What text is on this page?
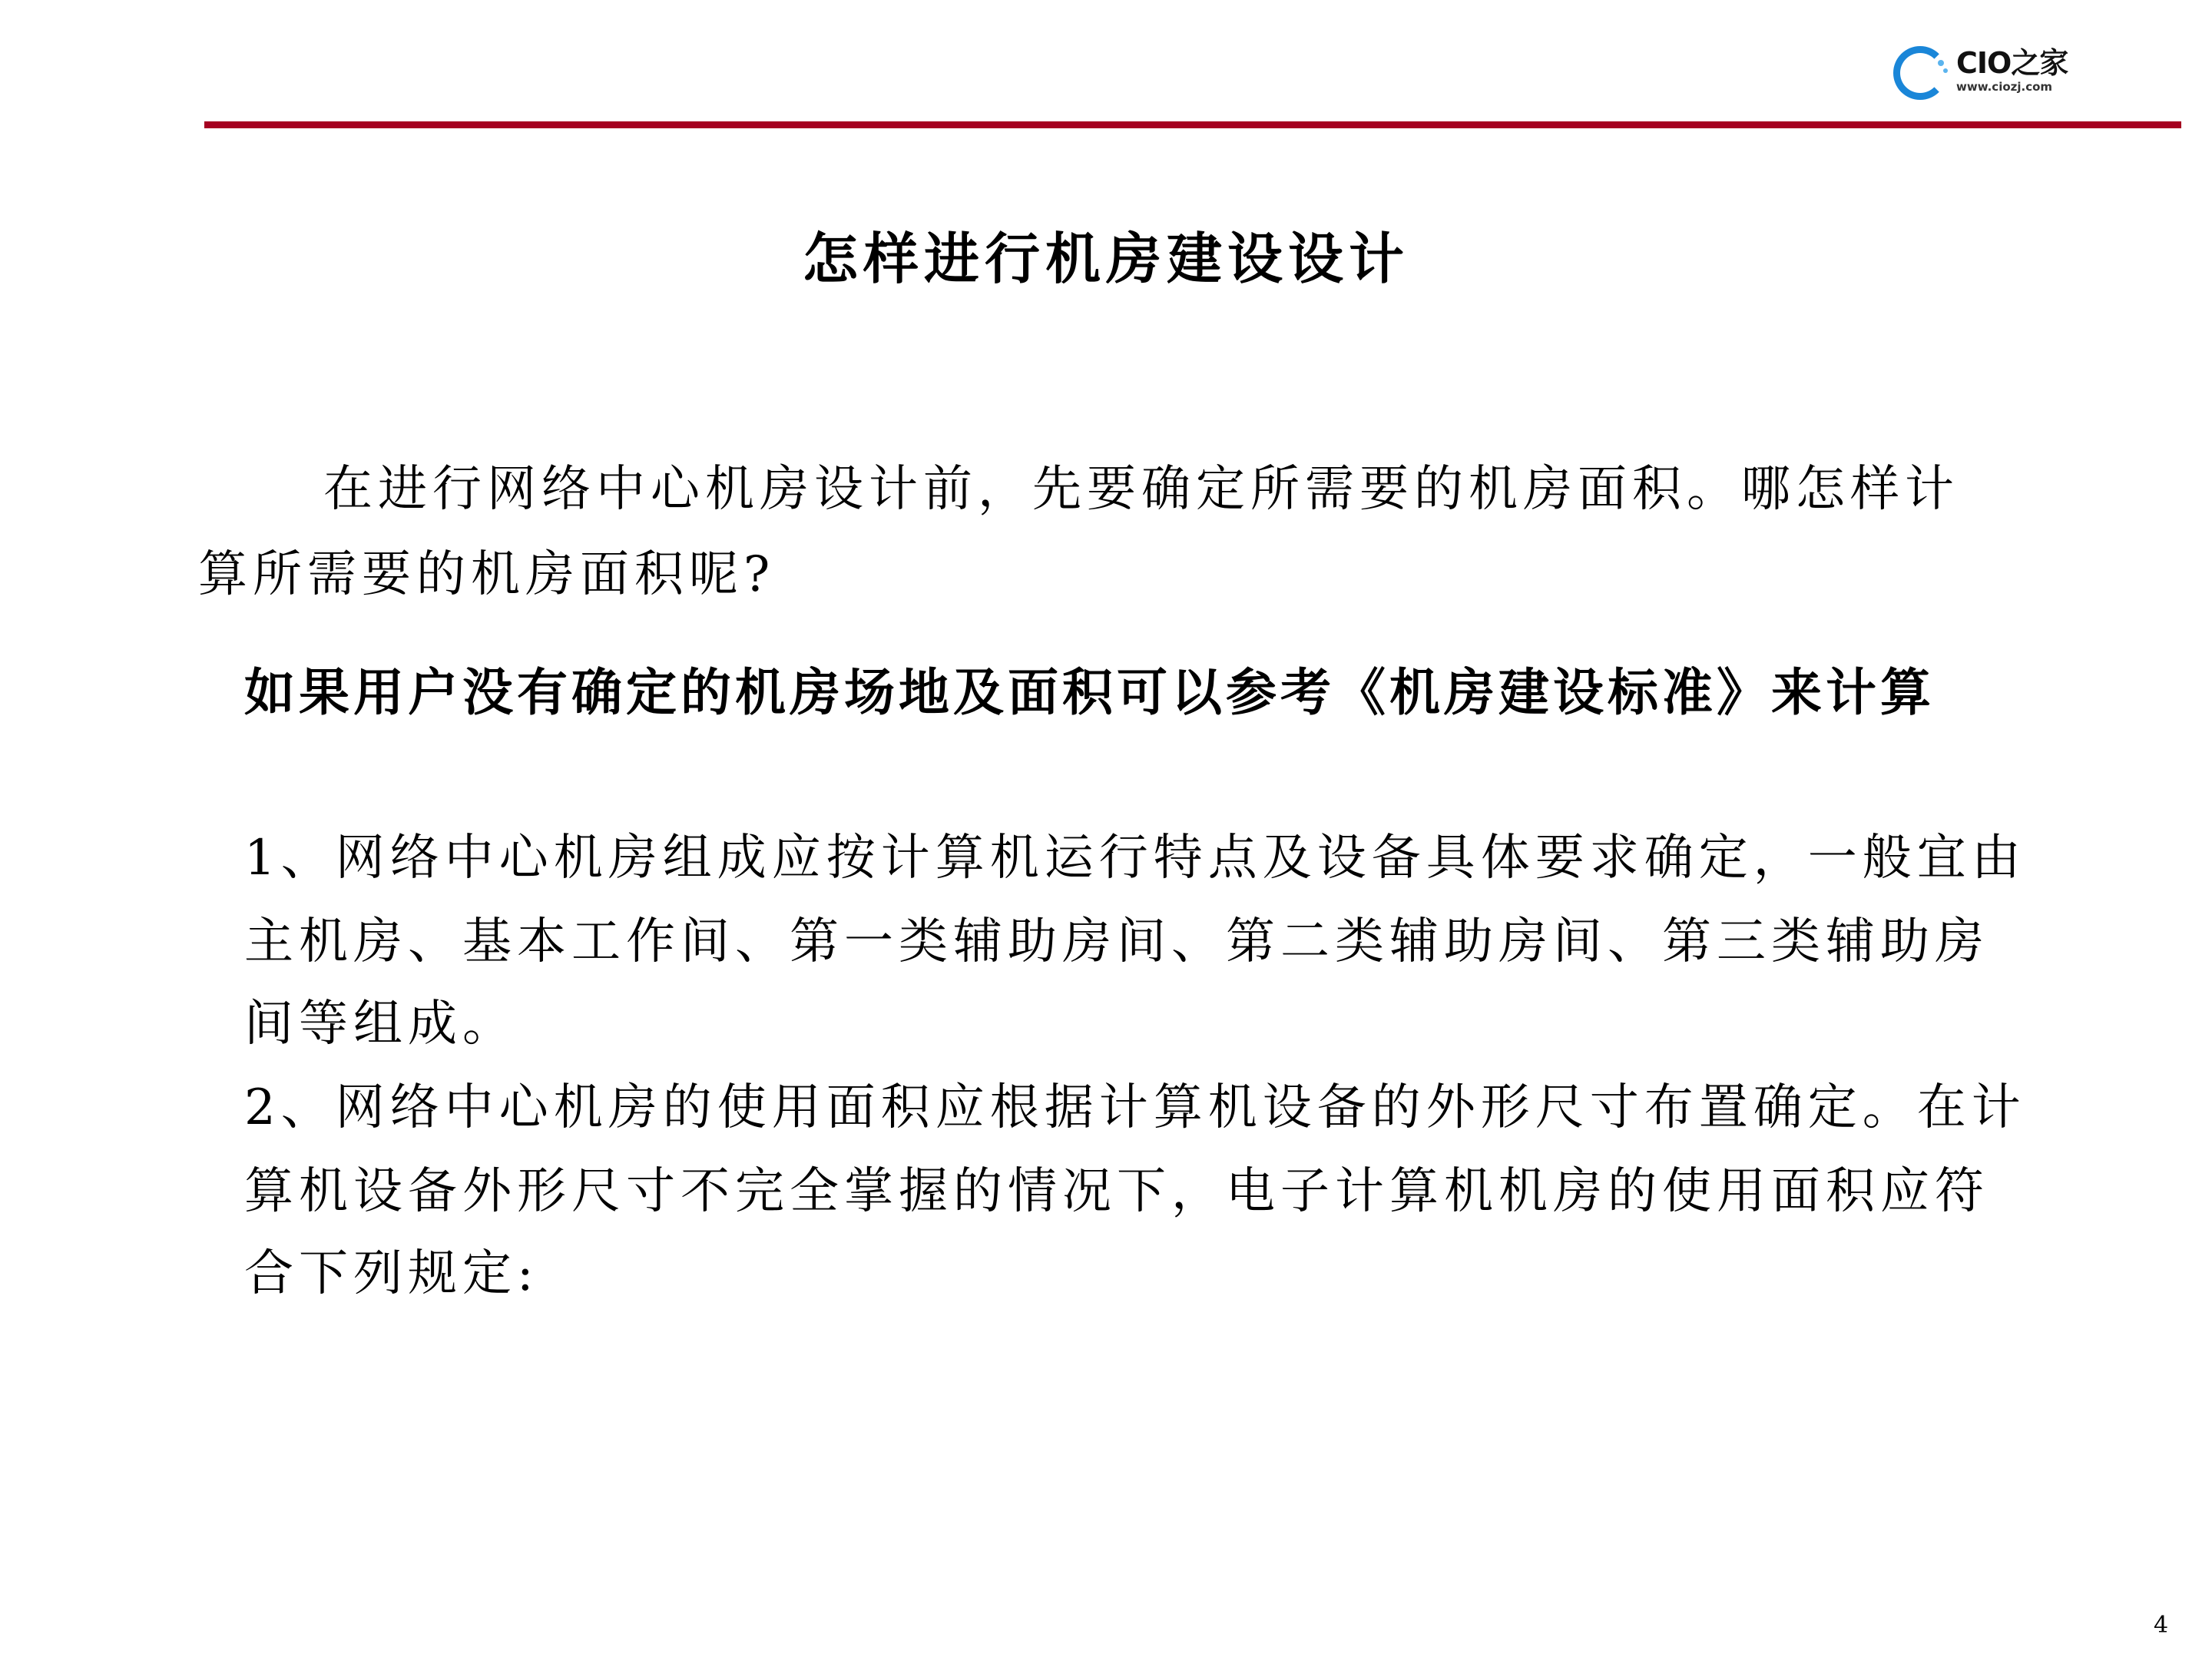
CIO之家
www.ciozj.com
怎样进行机房建设设计
在进行网络中心机房设计前，先要确定所需要的机房面积。哪怎样计
算所需要的机房面积呢?
如果用户没有确定的机房场地及面积可以参考《机房建设标准》来计算
1、网络中心机房组成应按计算机运行特点及设备具体要求确定，一般宜由
主机房、基本工作间、第一类辅助房间、第二类辅助房间、第三类辅助房
间等组成。
2、网络中心机房的使用面积应根据计算机设备的外形尺寸布置确定。在计
算机设备外形尺寸不完全掌握的情况下，电子计算机机房的使用面积应符
合下列规定:
4
